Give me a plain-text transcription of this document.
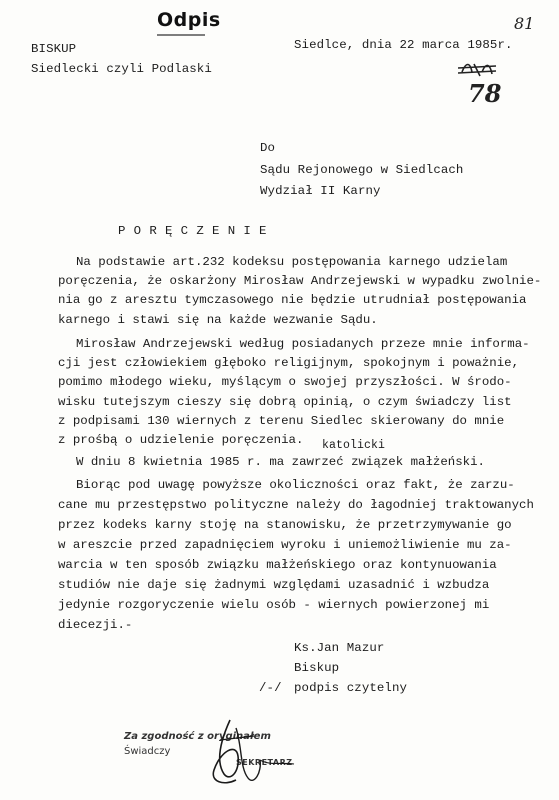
Odpis	81
78
BISKUP
Siedlecki czyli Podlaski
Siedlce, dnia 22 marca 1985r.
Do
Sądu Rejonowego w Siedlcach
Wydział II Karny
P O R Ę C Z E N I E
Na podstawie art.232 kodeksu postępowania karnego udzielam
poręczenia, że oskarżony Mirosław Andrzejewski w wypadku zwolnie-
nia go z aresztu tymczasowego nie będzie utrudniał postępowania
karnego i stawi się na każde wezwanie Sądu.
Mirosław Andrzejewski według posiadanych przeze mnie informa-
cji jest człowiekiem głęboko religijnym, spokojnym i poważnie,
pomimo młodego wieku, myślącym o swojej przyszłości. W środo-
wisku tutejszym cieszy się dobrą opinią, o czym świadczy list
z podpisami 130 wiernych z terenu Siedlec skierowany do mnie
z prośbą o udzielenie poręczenia. katolicki
W dniu 8 kwietnia 1985 r. ma zawrzeć związek małżeński.
Biorąc pod uwagę powyższe okoliczności oraz fakt, że zarzu-
cane mu przestępstwo polityczne należy do łagodniej traktowanych
przez kodeks karny stoję na stanowisku, że przetrzymywanie go
w areszcie przed zapadnięciem wyroku i uniemożliwienie mu za-
warcia w ten sposób związku małżeńskiego oraz kontynuowania
studiów nie daje się żadnymi względami uzasadnić i wzbudza
jedynie rozgoryczenie wielu osób - wiernych powierzonej mi
diecezji.-
Ks.Jan Mazur
Biskup
/-/ podpis czytelny
Za zgodność z oryginałem
Świadczy
SEKRETARZ
